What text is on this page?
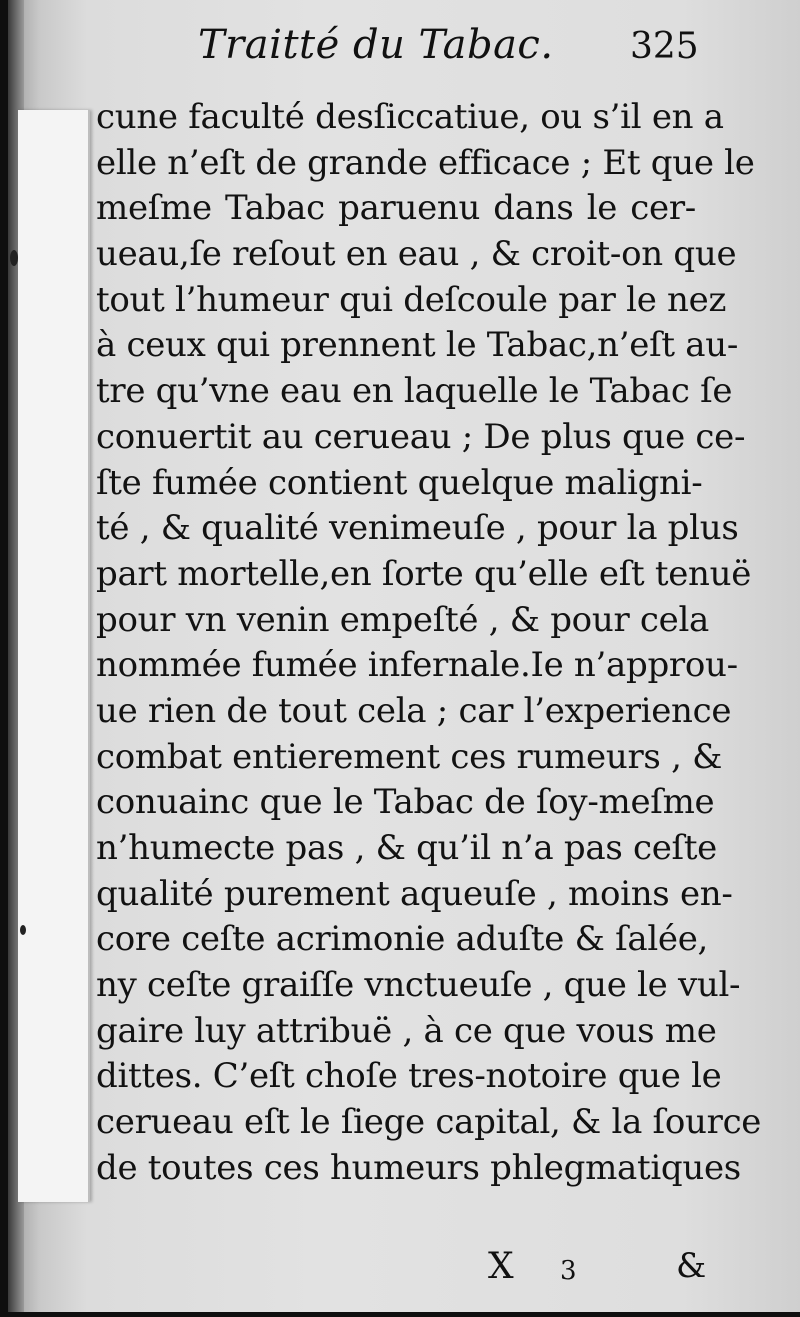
Traitté du Tabac. 325
cune faculté desſiccatiue, ou s’il en a
elle n’eſt de grande efficace ; Et que le
meſme Tabac paruenu dans le cer-
ueau,ſe reſout en eau , & croit-on que
tout l’humeur qui deſcoule par le nez
à ceux qui prennent le Tabac,n’eſt au-
tre qu’vne eau en laquelle le Tabac ſe
conuertit au cerueau ; De plus que ce-
ſte fumée contient quelque maligni-
té , & qualité venimeuſe , pour la plus
part mortelle,en ſorte qu’elle eſt tenuë
pour vn venin empeſté , & pour cela
nommée fumée infernale.Ie n’approu-
ue rien de tout cela ; car l’experience
combat entierement ces rumeurs , &
conuainc que le Tabac de ſoy-meſme
n’humecte pas , & qu’il n’a pas ceſte
qualité purement aqueuſe , moins en-
core ceſte acrimonie aduſte & ſalée,
ny ceſte graiſſe vnctueuſe , que le vul-
gaire luy attribuë , à ce que vous me
dittes. C’eſt choſe tres-notoire que le
cerueau eſt le ſiege capital, & la ſource
de toutes ces humeurs phlegmatiques
X 3	&
